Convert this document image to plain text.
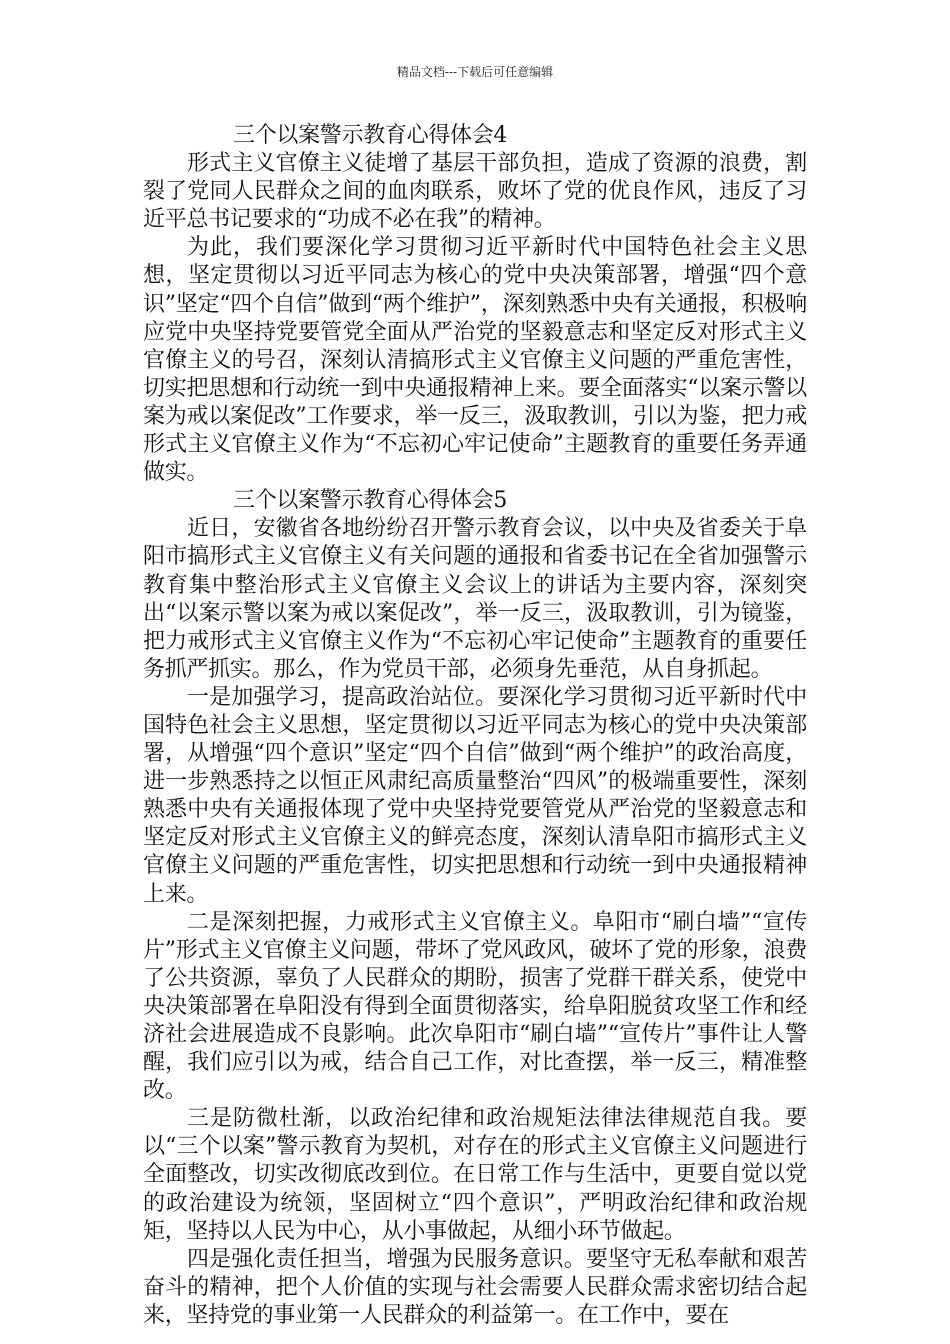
精品文档---下载后可任意编辑

三个以案警示教育心得体会4

形式主义官僚主义徒增了基层干部负担，造成了资源的浪费，割裂了党同人民群众之间的血肉联系，败坏了党的优良作风，违反了习近平总书记要求的“功成不必在我”的精神。

为此，我们要深化学习贯彻习近平新时代中国特色社会主义思想，坚定贯彻以习近平同志为核心的党中央决策部署，增强“四个意识”坚定“四个自信”做到“两个维护”，深刻熟悉中央有关通报，积极响应党中央坚持党要管党全面从严治党的坚毅意志和坚定反对形式主义官僚主义的号召，深刻认清搞形式主义官僚主义问题的严重危害性，切实把思想和行动统一到中央通报精神上来。要全面落实“以案示警以案为戒以案促改”工作要求，举一反三，汲取教训，引以为鉴，把力戒形式主义官僚主义作为“不忘初心牢记使命”主题教育的重要任务弄通做实。

三个以案警示教育心得体会5

近日，安徽省各地纷纷召开警示教育会议，以中央及省委关于阜阳市搞形式主义官僚主义有关问题的通报和省委书记在全省加强警示教育集中整治形式主义官僚主义会议上的讲话为主要内容，深刻突出“以案示警以案为戒以案促改”，举一反三，汲取教训，引为镜鉴，把力戒形式主义官僚主义作为“不忘初心牢记使命”主题教育的重要任务抓严抓实。那么，作为党员干部，必须身先垂范，从自身抓起。

一是加强学习，提高政治站位。要深化学习贯彻习近平新时代中国特色社会主义思想，坚定贯彻以习近平同志为核心的党中央决策部署，从增强“四个意识”坚定“四个自信”做到“两个维护”的政治高度，进一步熟悉持之以恒正风肃纪高质量整治“四风”的极端重要性，深刻熟悉中央有关通报体现了党中央坚持党要管党从严治党的坚毅意志和坚定反对形式主义官僚主义的鲜亮态度，深刻认清阜阳市搞形式主义官僚主义问题的严重危害性，切实把思想和行动统一到中央通报精神上来。

二是深刻把握，力戒形式主义官僚主义。阜阳市“刷白墙”“宣传片”形式主义官僚主义问题，带坏了党风政风，破坏了党的形象，浪费了公共资源，辜负了人民群众的期盼，损害了党群干群关系，使党中央决策部署在阜阳没有得到全面贯彻落实，给阜阳脱贫攻坚工作和经济社会进展造成不良影响。此次阜阳市“刷白墙”“宣传片”事件让人警醒，我们应引以为戒，结合自己工作，对比查摆，举一反三，精准整改。

三是防微杜渐，以政治纪律和政治规矩法律法律规范自我。要以“三个以案”警示教育为契机，对存在的形式主义官僚主义问题进行全面整改，切实改彻底改到位。在日常工作与生活中，更要自觉以党的政治建设为统领，坚固树立“四个意识”，严明政治纪律和政治规矩，坚持以人民为中心，从小事做起，从细小环节做起。

四是强化责任担当，增强为民服务意识。要坚守无私奉献和艰苦奋斗的精神，把个人价值的实现与社会需要人民群众需求密切结合起来，坚持党的事业第一人民群众的利益第一。在工作中，要在
